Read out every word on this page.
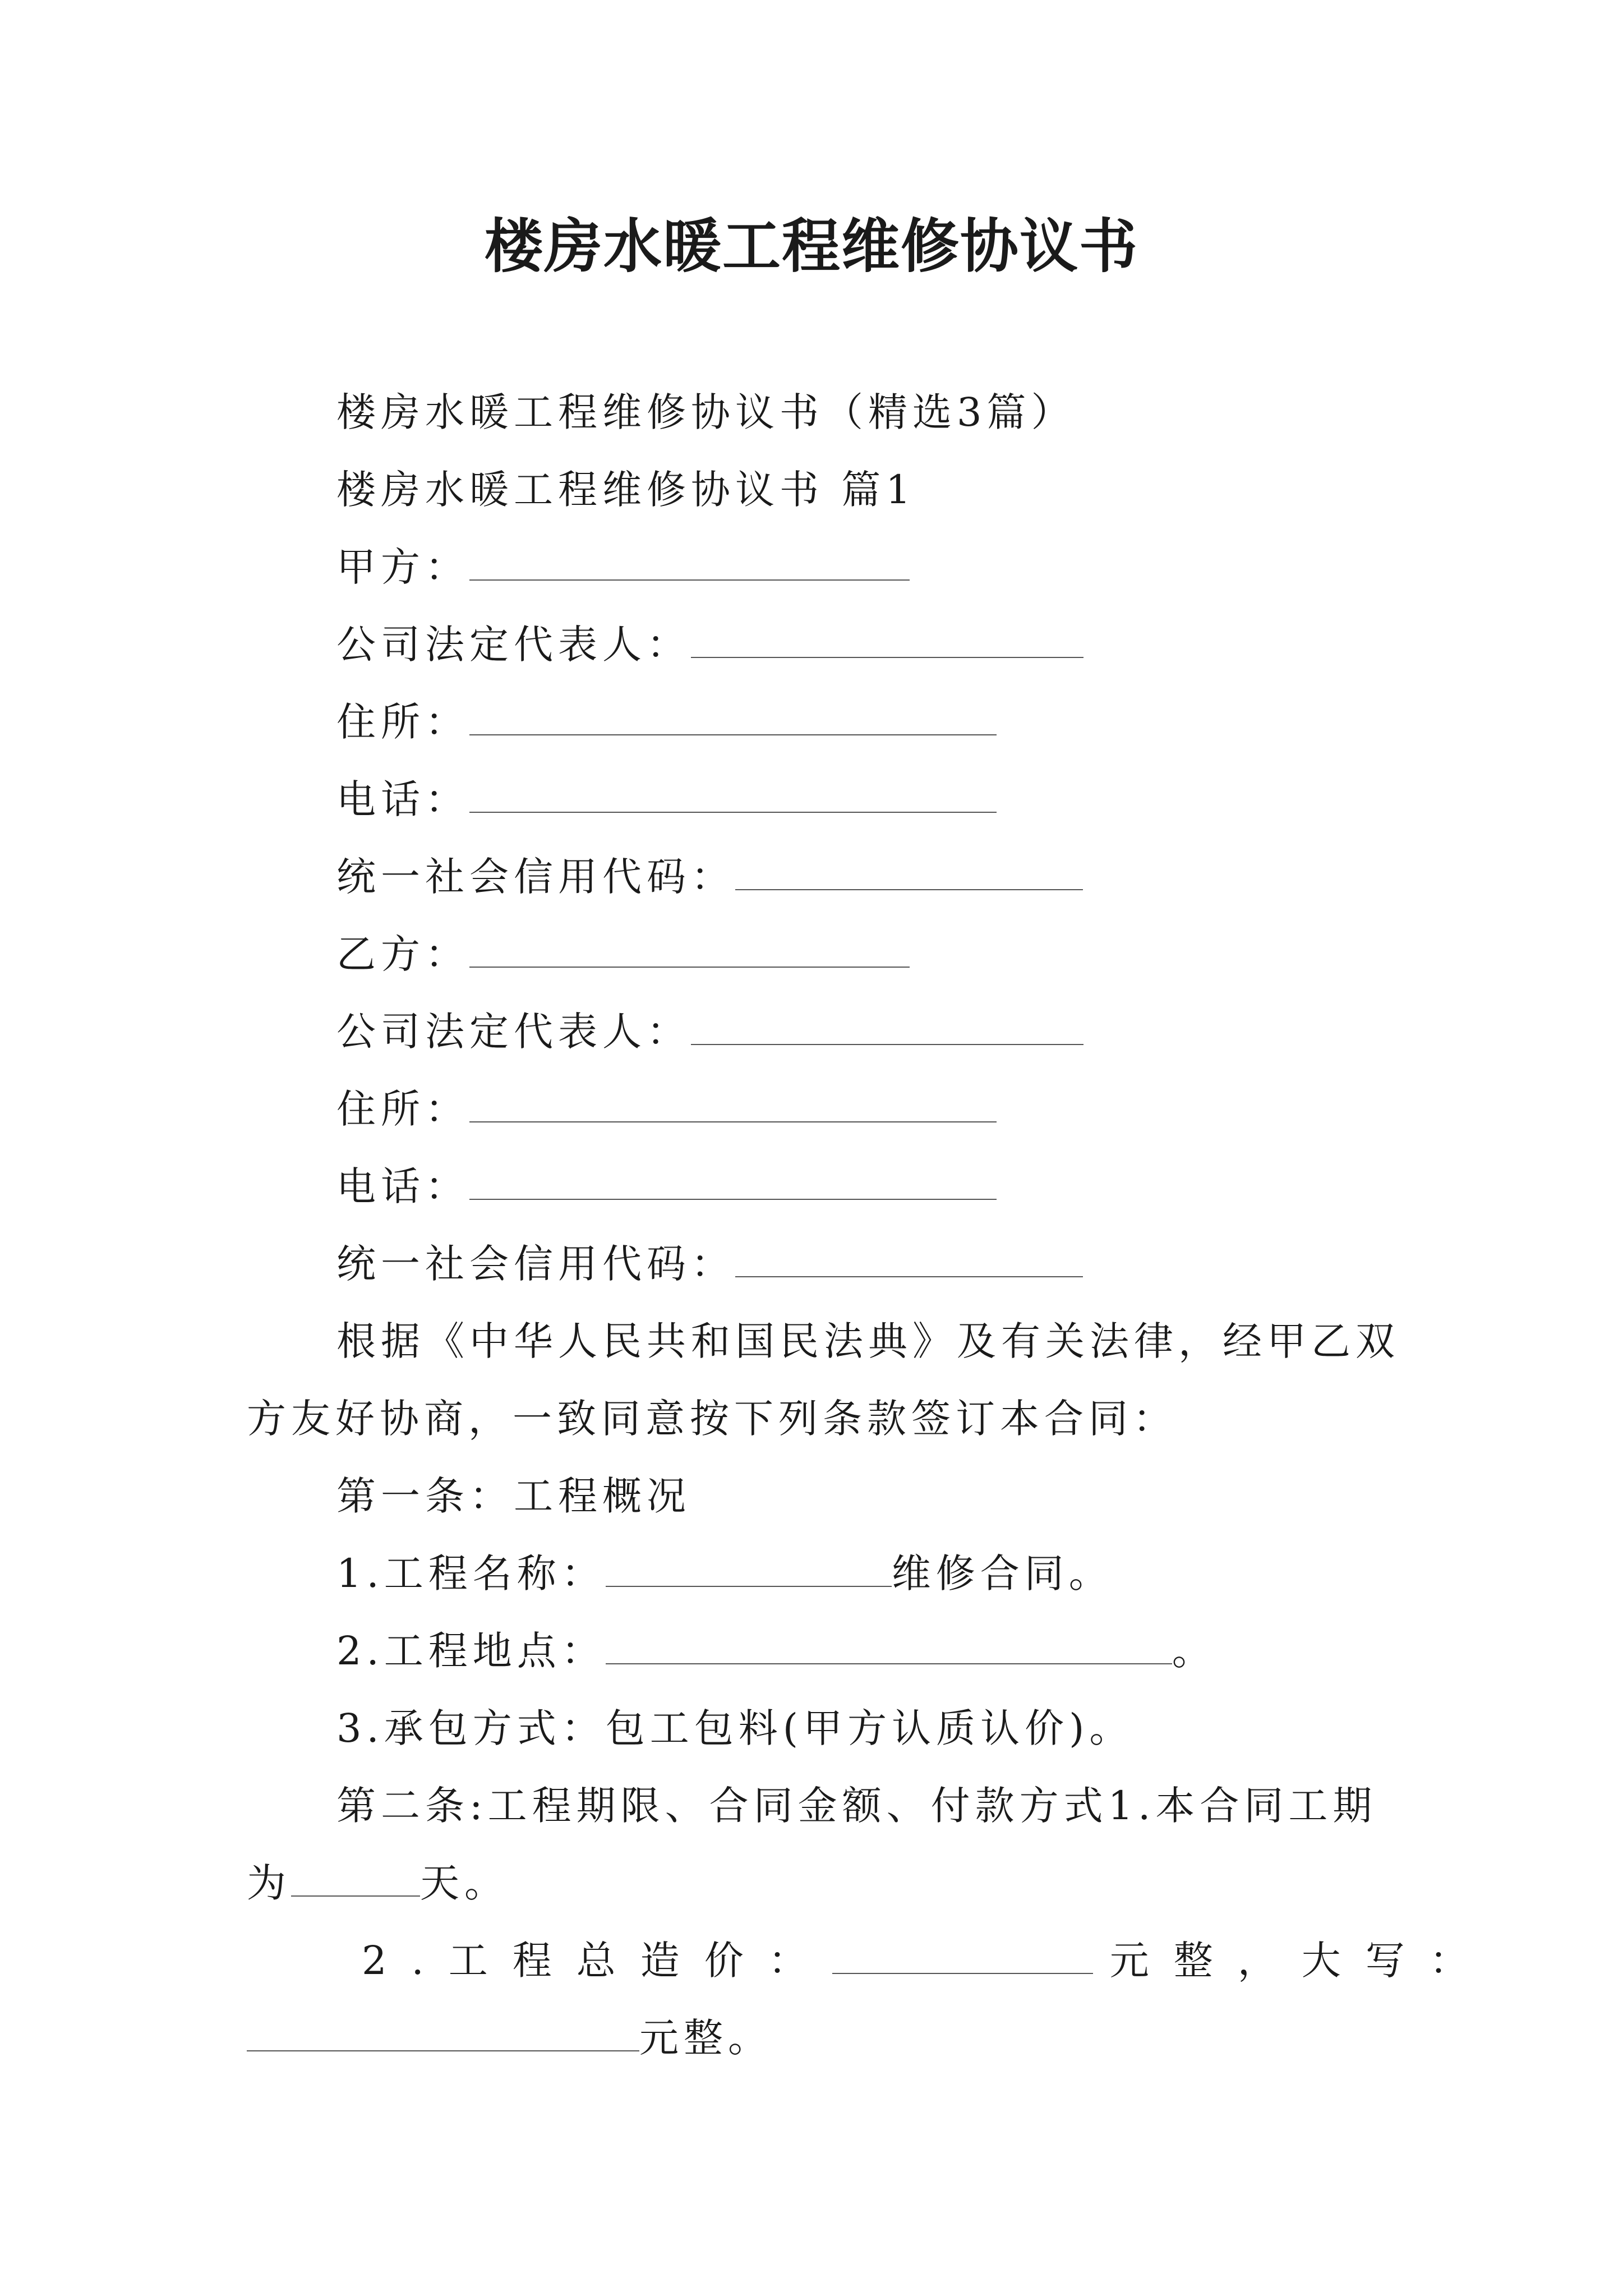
楼房水暖工程维修协议书
楼房水暖工程维修协议书（精选3篇）
楼房水暖工程维修协议书 篇1
甲方：
公司法定代表人：
住所：
电话：
统一社会信用代码：
乙方：
公司法定代表人：
住所：
电话：
统一社会信用代码：
根据《中华人民共和国民法典》及有关法律，经甲乙双
方友好协商，一致同意按下列条款签订本合同：
第一条：工程概况
1.工程名称：	维修合同。
2.工程地点：	。
3.承包方式：包工包料(甲方认质认价)。
第二条:工程期限、合同金额、付款方式1.本合同工期
为	天。
2.工程总造价：	元整，大写：
元整。
